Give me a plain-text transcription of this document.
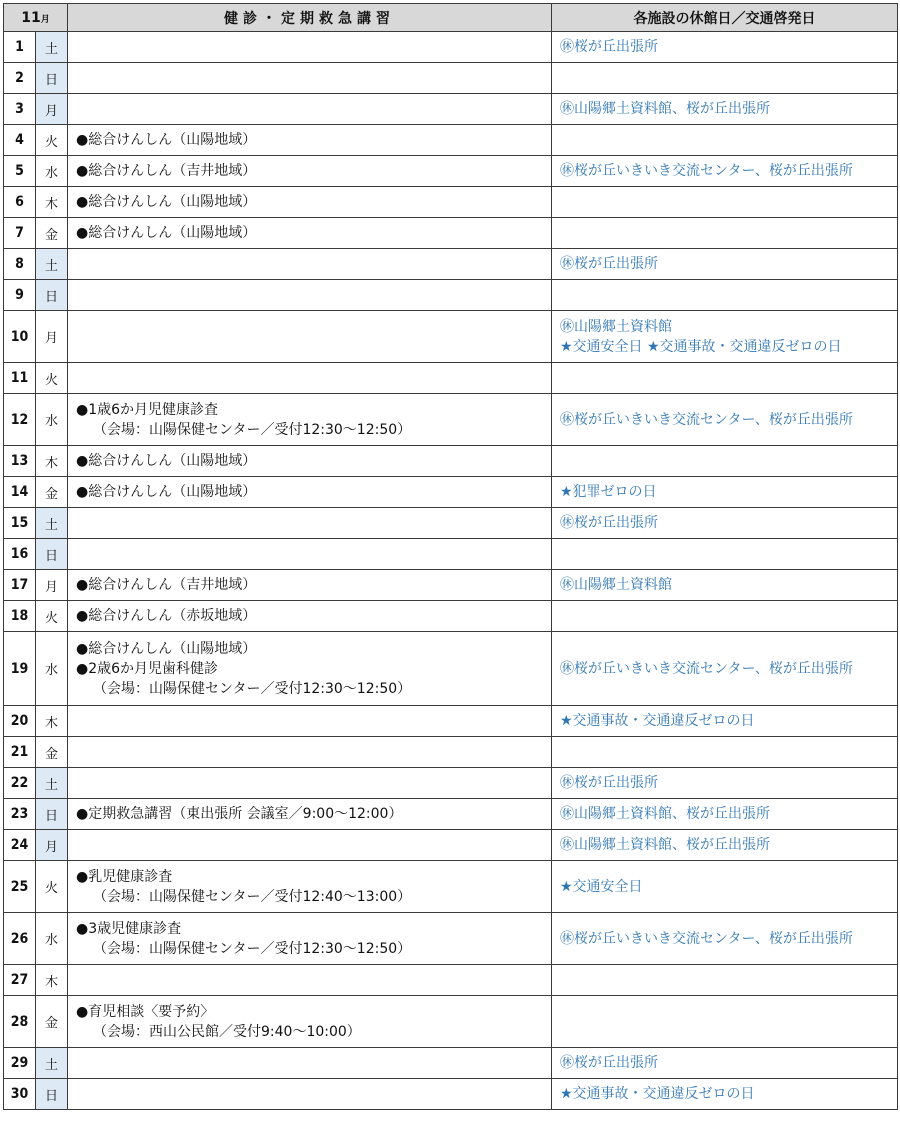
11月		健診・定期救急講習	各施設の休館日／交通啓発日
1	土		㊡桜が丘出張所

2	日		
3	月		㊡山陽郷土資料館、桜が丘出張所

4	火	●総合けんしん（山陽地域）	

5	水	●総合けんしん（吉井地域）	㊡桜が丘いきいき交流センター、桜が丘出張所

6	木	●総合けんしん（山陽地域）	

7	金	●総合けんしん（山陽地域）	

8	土		㊡桜が丘出張所

9	日		
10	月		㊡山陽郷土資料館
★交通安全日 ★交通事故・交通違反ゼロの日

11	火		
12	水	●1歳6か月児健康診査
（会場：山陽保健センター／受付12:30～12:50）	㊡桜が丘いきいき交流センター、桜が丘出張所

13	木	●総合けんしん（山陽地域）	

14	金	●総合けんしん（山陽地域）	★犯罪ゼロの日

15	土		㊡桜が丘出張所

16	日		
17	月	●総合けんしん（吉井地域）	㊡山陽郷土資料館

18	火	●総合けんしん（赤坂地域）	

19	水	●総合けんしん（山陽地域）
●2歳6か月児歯科健診
（会場：山陽保健センター／受付12:30～12:50）	㊡桜が丘いきいき交流センター、桜が丘出張所

20	木		★交通事故・交通違反ゼロの日

21	金		
22	土		㊡桜が丘出張所

23	日	●定期救急講習（東出張所 会議室／9:00～12:00）	㊡山陽郷土資料館、桜が丘出張所

24	月		㊡山陽郷土資料館、桜が丘出張所

25	火	●乳児健康診査
（会場：山陽保健センター／受付12:40～13:00）	★交通安全日

26	水	●3歳児健康診査
（会場：山陽保健センター／受付12:30～12:50）	㊡桜が丘いきいき交流センター、桜が丘出張所

27	木		
28	金	●育児相談〈要予約〉
（会場：西山公民館／受付9:40～10:00）	

29	土		㊡桜が丘出張所

30	日		★交通事故・交通違反ゼロの日
